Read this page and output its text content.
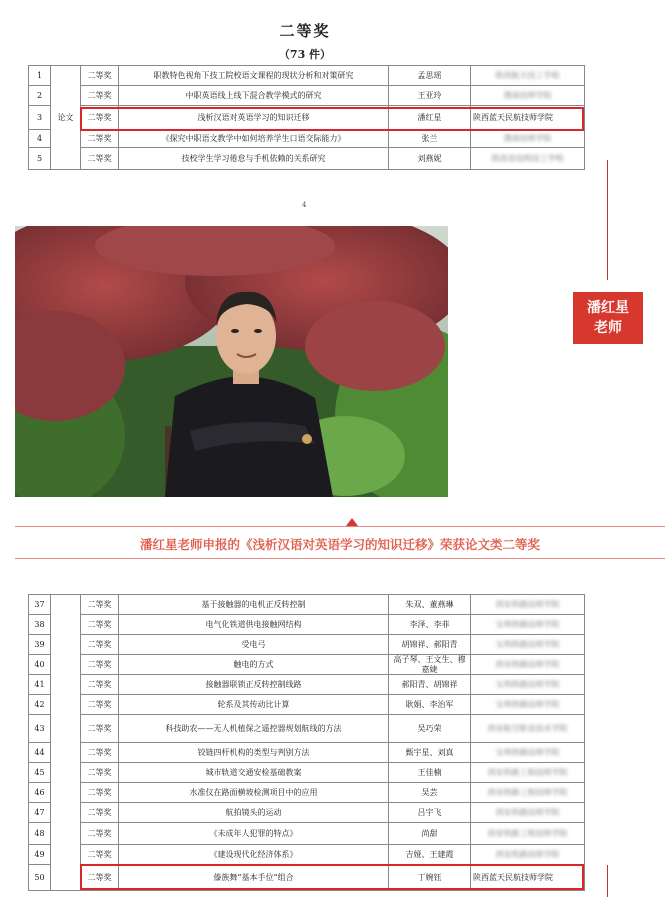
二等奖
（73 件）
1	论文	二等奖	职教特色视角下技工院校语文课程的现状分析和对策研究	孟思瑶	陕西航天技工学校
2		二等奖	中职英语线上线下混合教学模式的研究	王亚玲	渭南技师学院
3		二等奖	浅析汉语对英语学习的知识迁移	潘红星	陕西蓝天民航技师学院
4		二等奖	《探究中职语文教学中如何培养学生口语交际能力》	张兰	渭南技师学院
5		二等奖	技校学生学习倦怠与手机依赖的关系研究	刘燕妮	陕西省技师技工学校
4
潘红星
老师
潘红星老师申报的《浅析汉语对英语学习的知识迁移》荣获论文类二等奖
37		二等奖	基于接触器的电机正反转控制	朱双、董燕琳	西安铁路技师学院
38		二等奖	电气化铁道供电接触网结构	李泽、李菲	宝鸡铁路技师学院
39		二等奖	受电弓	胡锦祥、郝阳青	宝鸡铁路技师学院
40		二等奖	触电的方式	高子琴、王文生、穆嘉婕	西安铁路技师学院
41		二等奖	接触器联锁正反转控制线路	郝阳青、胡锦祥	宝鸡铁路技师学院
42		二等奖	轮系及其传动比计算	耿娟、李治军	宝鸡铁路技师学院
43		二等奖	科技助农——无人机植保之遥控器规划航线的方法	吴巧荣	西安航空职业技术学院
44		二等奖	铰链四杆机构的类型与判别方法	甄宇星、刘真	宝鸡铁路技师学院
45		二等奖	城市轨道交通安检基础教案	王佳楠	西安铁路工程技师学院
46		二等奖	水准仪在路面横坡检测项目中的应用	吴芸	西安铁路工程技师学院
47		二等奖	航拍镜头的运动	吕宇飞	西安铁路技师学院
48		二等奖	《未成年人犯罪的特点》	尚甜	西安铁路工程技师学院
49		二等奖	《建设现代化经济体系》	吉娅、王建霞	西安铁路技师学院
50		二等奖	傣族舞“基本手位”组合	丁婉钰	陕西蓝天民航技师学院
